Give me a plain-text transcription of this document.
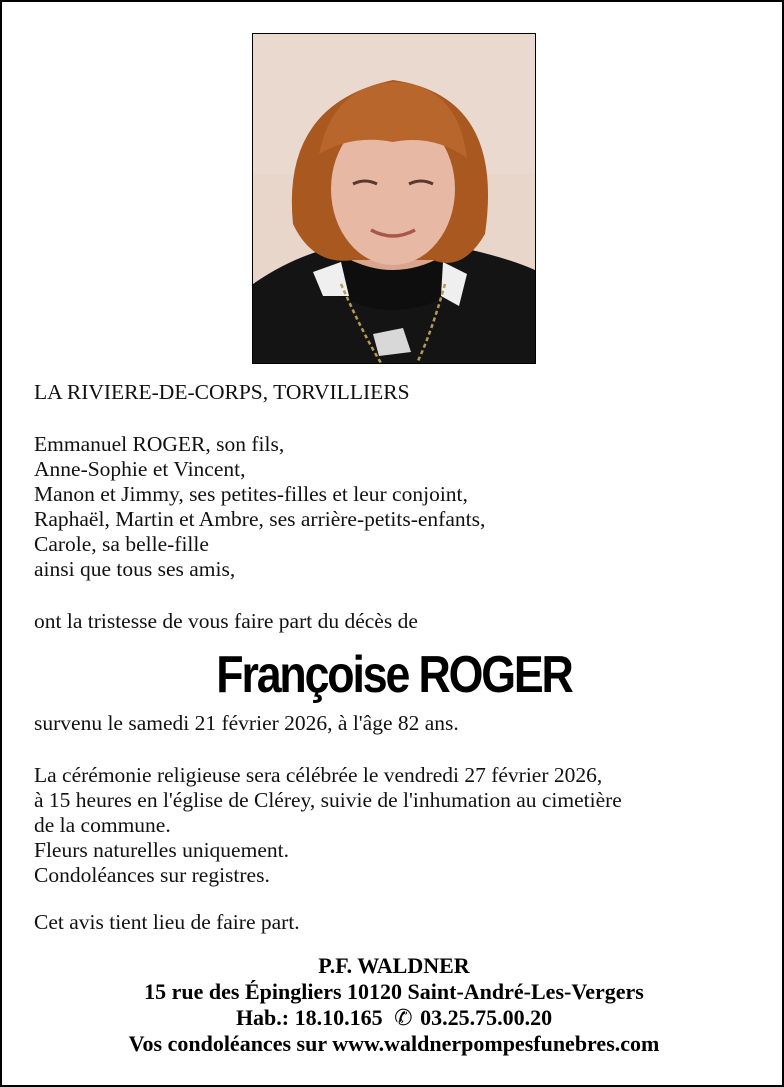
LA RIVIERE-DE-CORPS, TORVILLIERS

Emmanuel ROGER, son fils,
Anne-Sophie et Vincent,
Manon et Jimmy, ses petites-filles et leur conjoint,
Raphaël, Martin et Ambre, ses arrière-petits-enfants,
Carole, sa belle-fille
ainsi que tous ses amis,

ont la tristesse de vous faire part du décès de

Françoise ROGER

survenu le samedi 21 février 2026, à l'âge 82 ans.

La cérémonie religieuse sera célébrée le vendredi 27 février 2026,
à 15 heures en l'église de Clérey, suivie de l'inhumation au cimetière
de la commune.
Fleurs naturelles uniquement.
Condoléances sur registres.

Cet avis tient lieu de faire part.

P.F. WALDNER
15 rue des Épingliers 10120 Saint-André-Les-Vergers
Hab.: 18.10.165 ✆ 03.25.75.00.20
Vos condoléances sur www.waldnerpompesfunebres.com
